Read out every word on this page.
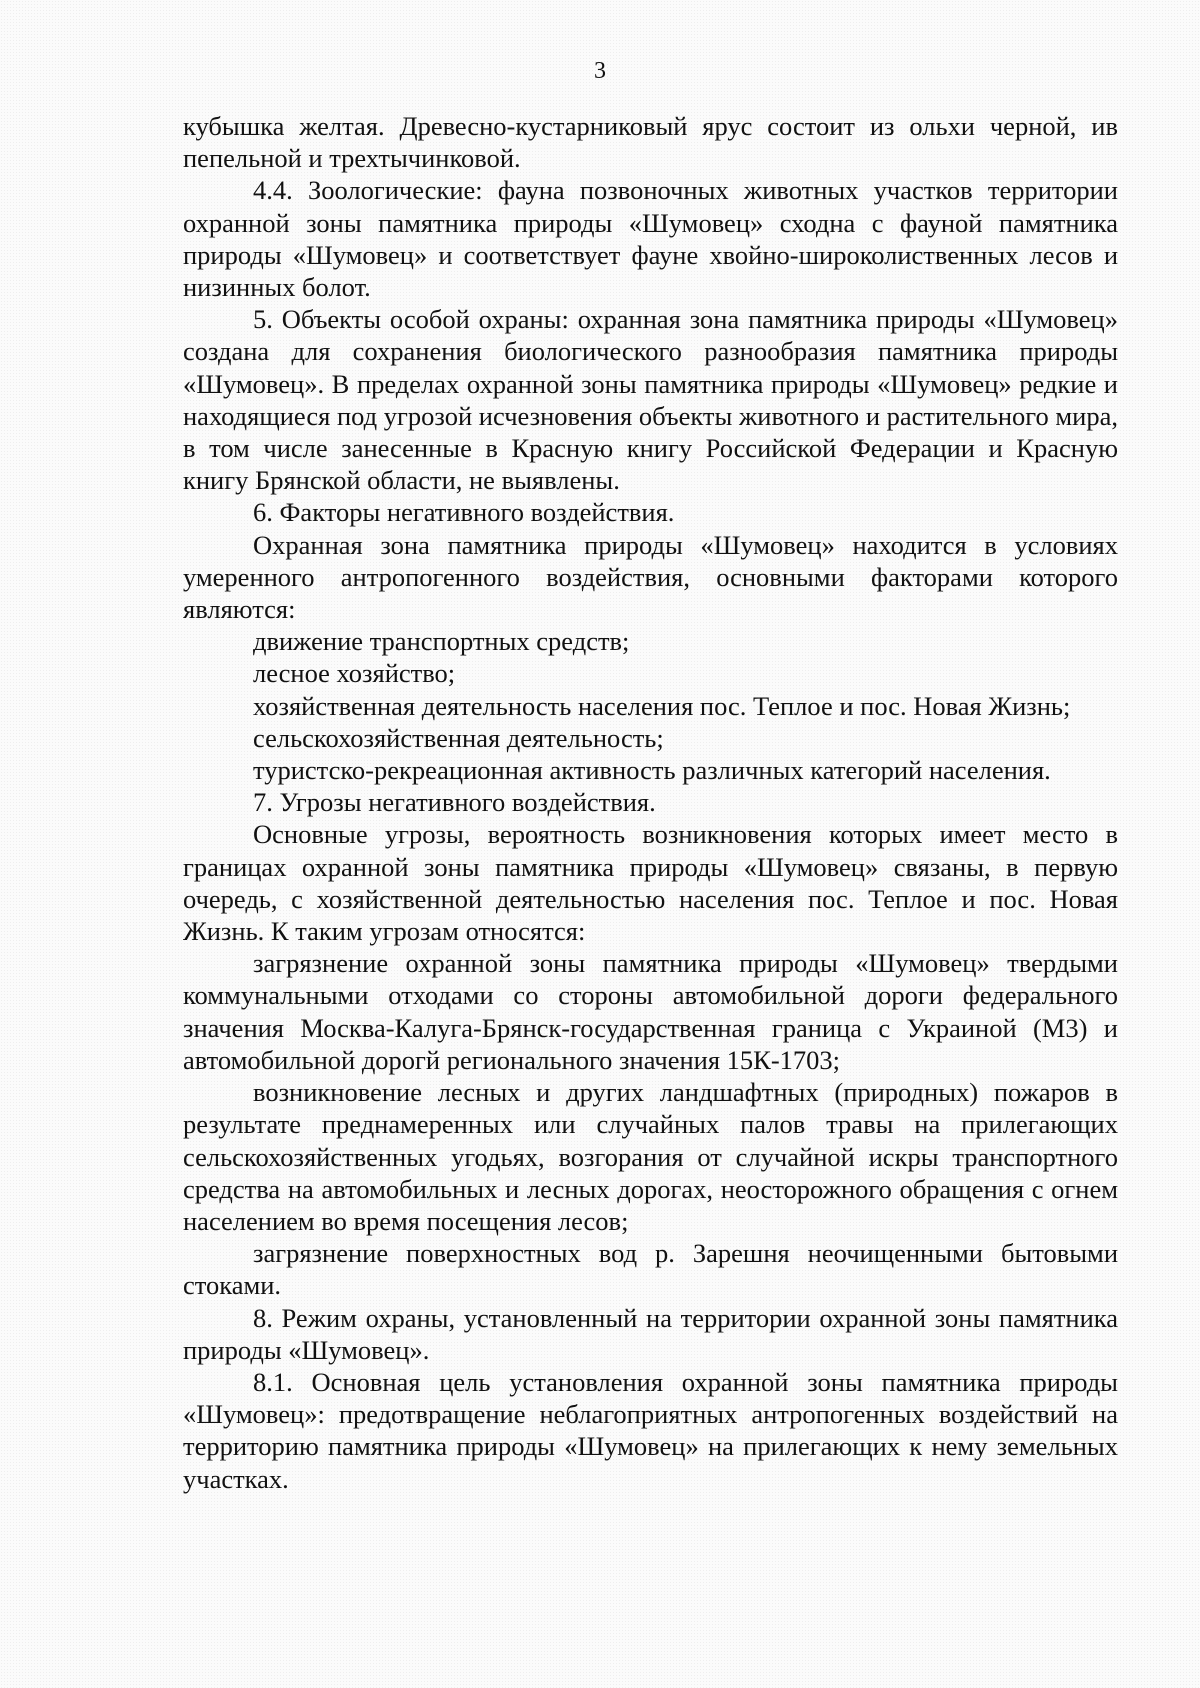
3

кубышка желтая. Древесно-кустарниковый ярус состоит из ольхи черной, ив пепельной и трехтычинковой.

4.4. Зоологические: фауна позвоночных животных участков территории охранной зоны памятника природы «Шумовец» сходна с фауной памятника природы «Шумовец» и соответствует фауне хвойно-широколиственных лесов и низинных болот.

5. Объекты особой охраны: охранная зона памятника природы «Шумовец» создана для сохранения биологического разнообразия памятника природы «Шумовец». В пределах охранной зоны памятника природы «Шумовец» редкие и находящиеся под угрозой исчезновения объекты животного и растительного мира, в том числе занесенные в Красную книгу Российской Федерации и Красную книгу Брянской области, не выявлены.

6. Факторы негативного воздействия.

Охранная зона памятника природы «Шумовец» находится в условиях умеренного антропогенного воздействия, основными факторами которого являются:

движение транспортных средств;

лесное хозяйство;

хозяйственная деятельность населения пос. Теплое и пос. Новая Жизнь;

сельскохозяйственная деятельность;

туристско-рекреационная активность различных категорий населения.

7. Угрозы негативного воздействия.

Основные угрозы, вероятность возникновения которых имеет место в границах охранной зоны памятника природы «Шумовец» связаны, в первую очередь, с хозяйственной деятельностью населения пос. Теплое и пос. Новая Жизнь. К таким угрозам относятся:

загрязнение охранной зоны памятника природы «Шумовец» твердыми коммунальными отходами со стороны автомобильной дороги федерального значения Москва-Калуга-Брянск-государственная граница с Украиной (М3) и автомобильной дорогй регионального значения 15К-1703;

возникновение лесных и других ландшафтных (природных) пожаров в результате преднамеренных или случайных палов травы на прилегающих сельскохозяйственных угодьях, возгорания от случайной искры транспортного средства на автомобильных и лесных дорогах, неосторожного обращения с огнем населением во время посещения лесов;

загрязнение поверхностных вод р. Зарешня неочищенными бытовыми стоками.

8. Режим охраны, установленный на территории охранной зоны памятника природы «Шумовец».

8.1. Основная цель установления охранной зоны памятника природы «Шумовец»: предотвращение неблагоприятных антропогенных воздействий на территорию памятника природы «Шумовец» на прилегающих к нему земельных участках.
